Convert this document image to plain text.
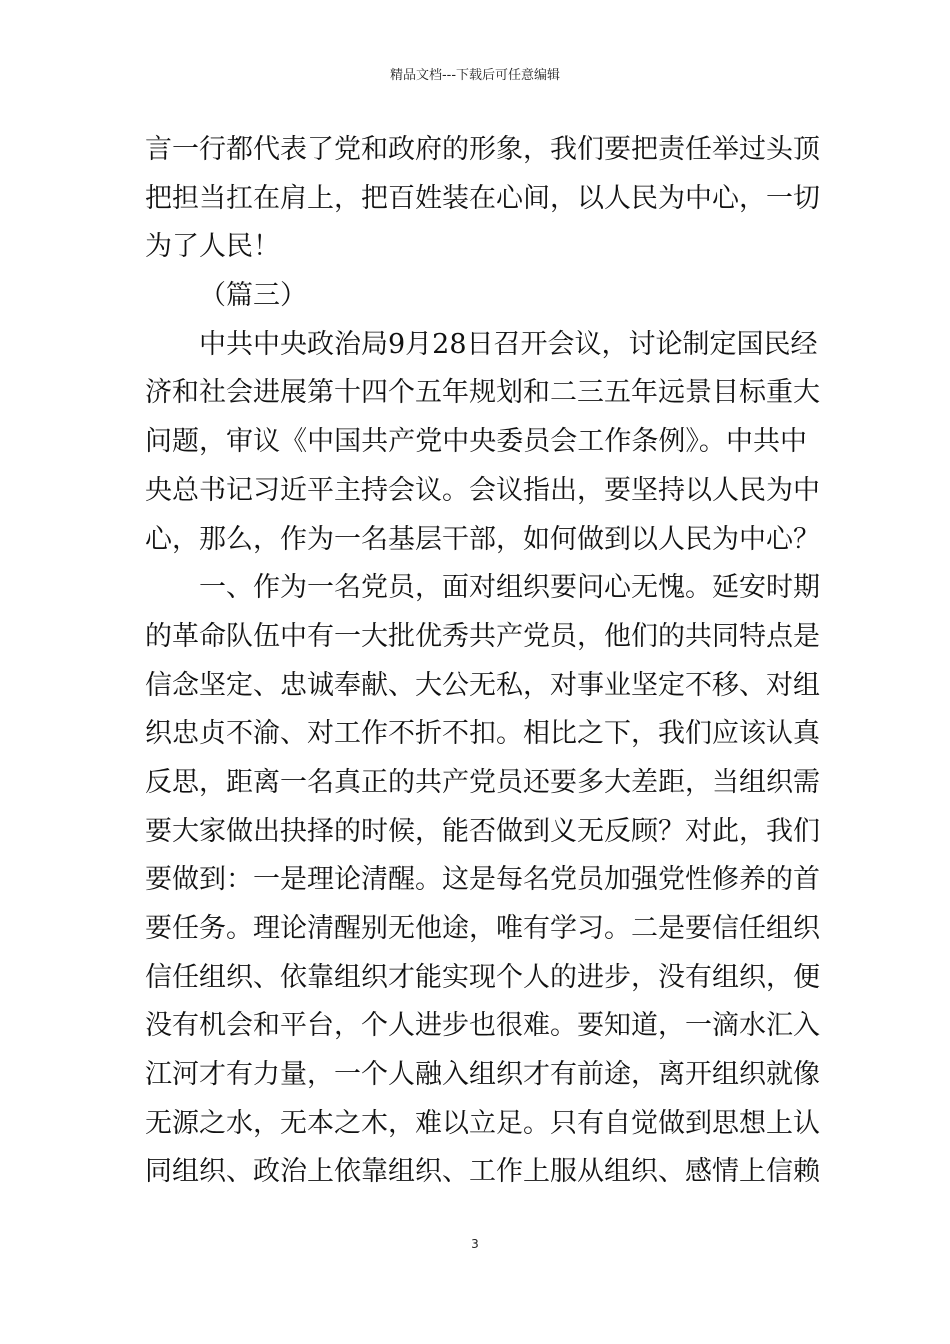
精品文档---下载后可任意编辑
言一行都代表了党和政府的形象，我们要把责任举过头顶
把担当扛在肩上，把百姓装在心间，以人民为中心，一切
为了人民！
（篇三）
中共中央政治局9月28日召开会议，讨论制定国民经
济和社会进展第十四个五年规划和二三五年远景目标重大
问题，审议《中国共产党中央委员会工作条例》。中共中
央总书记习近平主持会议。会议指出，要坚持以人民为中
心，那么，作为一名基层干部，如何做到以人民为中心？
一、作为一名党员，面对组织要问心无愧。延安时期
的革命队伍中有一大批优秀共产党员，他们的共同特点是
信念坚定、忠诚奉献、大公无私，对事业坚定不移、对组
织忠贞不渝、对工作不折不扣。相比之下，我们应该认真
反思，距离一名真正的共产党员还要多大差距，当组织需
要大家做出抉择的时候，能否做到义无反顾？对此，我们
要做到：一是理论清醒。这是每名党员加强党性修养的首
要任务。理论清醒别无他途，唯有学习。二是要信任组织
信任组织、依靠组织才能实现个人的进步，没有组织，便
没有机会和平台，个人进步也很难。要知道，一滴水汇入
江河才有力量，一个人融入组织才有前途，离开组织就像
无源之水，无本之木，难以立足。只有自觉做到思想上认
同组织、政治上依靠组织、工作上服从组织、感情上信赖
3
